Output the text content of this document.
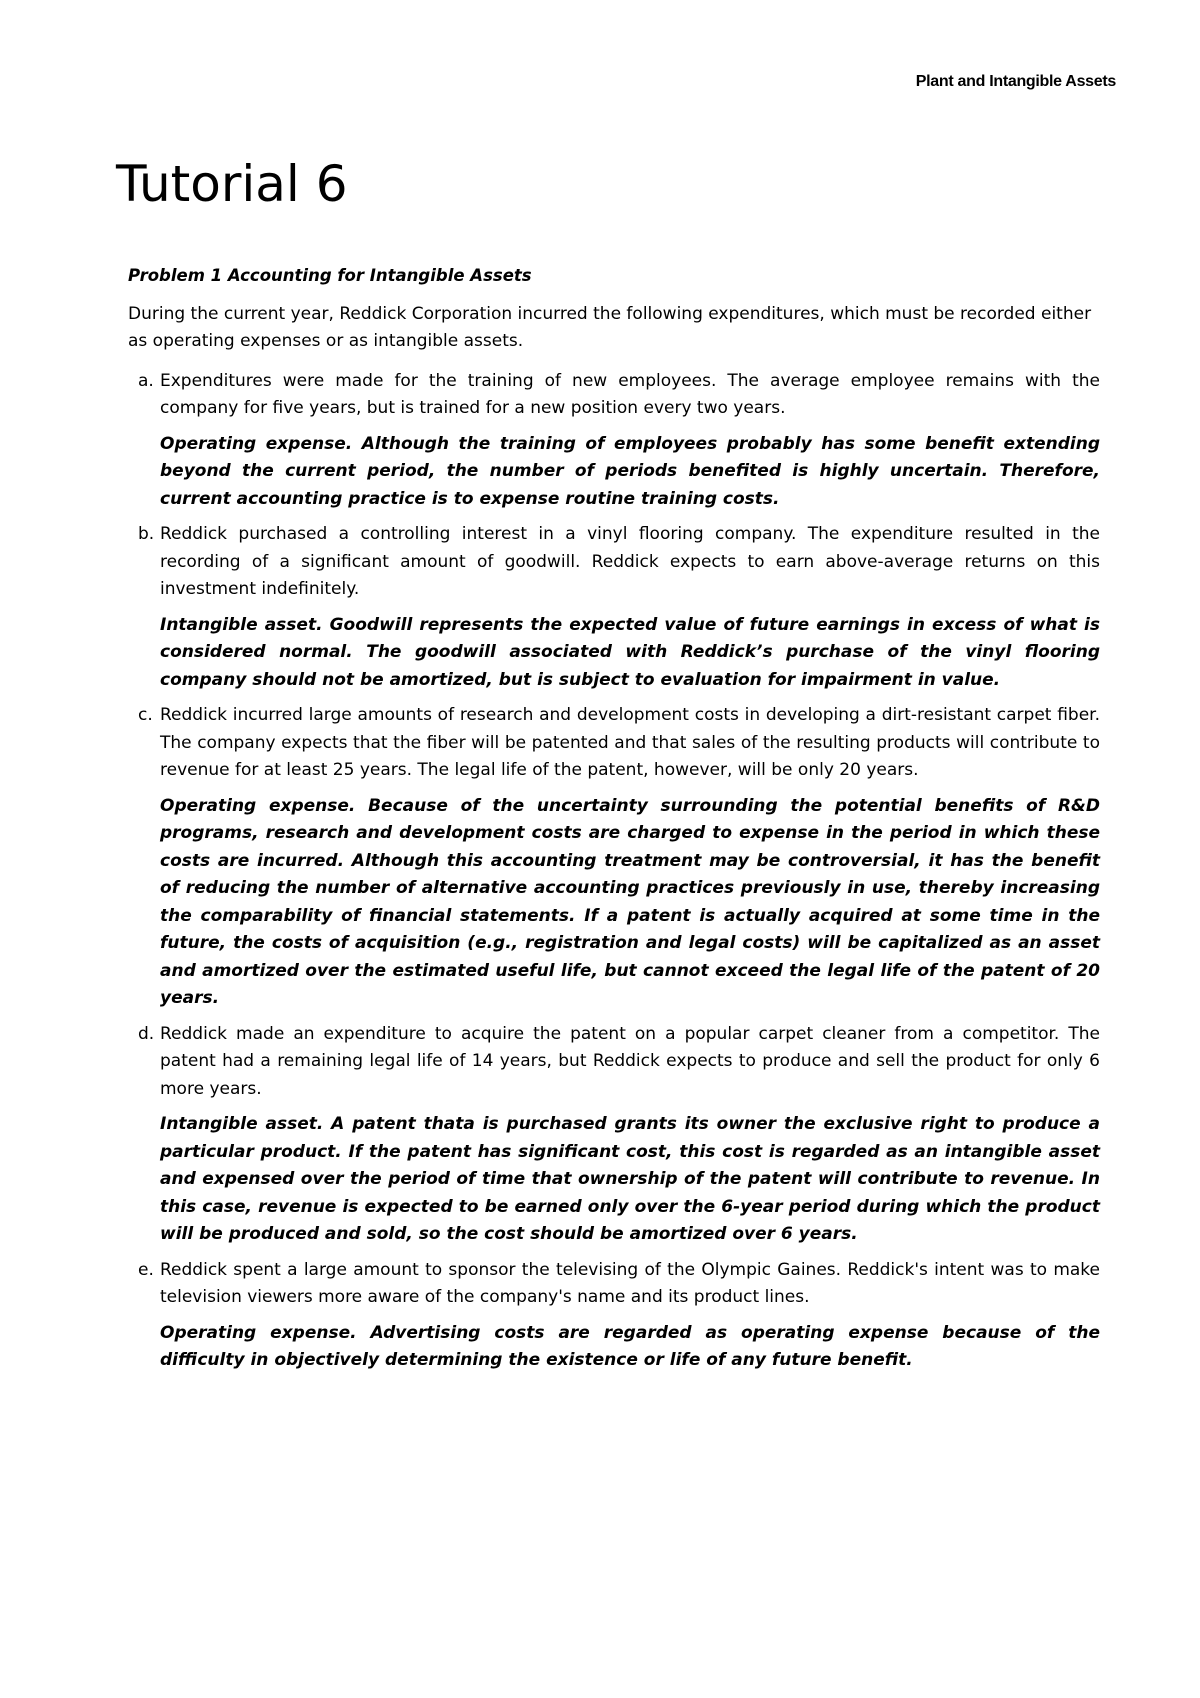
Plant and Intangible Assets
Tutorial 6

Problem 1 Accounting for Intangible Assets

During the current year, Reddick Corporation incurred the following expenditures, which must be recorded either as operating expenses or as intangible assets.

a. Expenditures were made for the training of new employees. The average employee remains with the company for five years, but is trained for a new position every two years.

Operating expense. Although the training of employees probably has some benefit extending beyond the current period, the number of periods benefited is highly uncertain. Therefore, current accounting practice is to expense routine training costs.

b. Reddick purchased a controlling interest in a vinyl flooring company. The expenditure resulted in the recording of a significant amount of goodwill. Reddick expects to earn above-average returns on this investment indefinitely.

Intangible asset. Goodwill represents the expected value of future earnings in excess of what is considered normal. The goodwill associated with Reddick’s purchase of the vinyl flooring company should not be amortized, but is subject to evaluation for impairment in value.

c. Reddick incurred large amounts of research and development costs in developing a dirt-resistant carpet fiber. The company expects that the fiber will be patented and that sales of the resulting products will contribute to revenue for at least 25 years. The legal life of the patent, however, will be only 20 years.

Operating expense. Because of the uncertainty surrounding the potential benefits of R&D programs, research and development costs are charged to expense in the period in which these costs are incurred. Although this accounting treatment may be controversial, it has the benefit of reducing the number of alternative accounting practices previously in use, thereby increasing the comparability of financial statements. If a patent is actually acquired at some time in the future, the costs of acquisition (e.g., registration and legal costs) will be capitalized as an asset and amortized over the estimated useful life, but cannot exceed the legal life of the patent of 20 years.

d. Reddick made an expenditure to acquire the patent on a popular carpet cleaner from a competitor. The patent had a remaining legal life of 14 years, but Reddick expects to produce and sell the product for only 6 more years.

Intangible asset. A patent thata is purchased grants its owner the exclusive right to produce a particular product. If the patent has significant cost, this cost is regarded as an intangible asset and expensed over the period of time that ownership of the patent will contribute to revenue. In this case, revenue is expected to be earned only over the 6-year period during which the product will be produced and sold, so the cost should be amortized over 6 years.

e. Reddick spent a large amount to sponsor the televising of the Olympic Gaines. Reddick's intent was to make television viewers more aware of the company's name and its product lines.

Operating expense. Advertising costs are regarded as operating expense because of the difficulty in objectively determining the existence or life of any future benefit.
